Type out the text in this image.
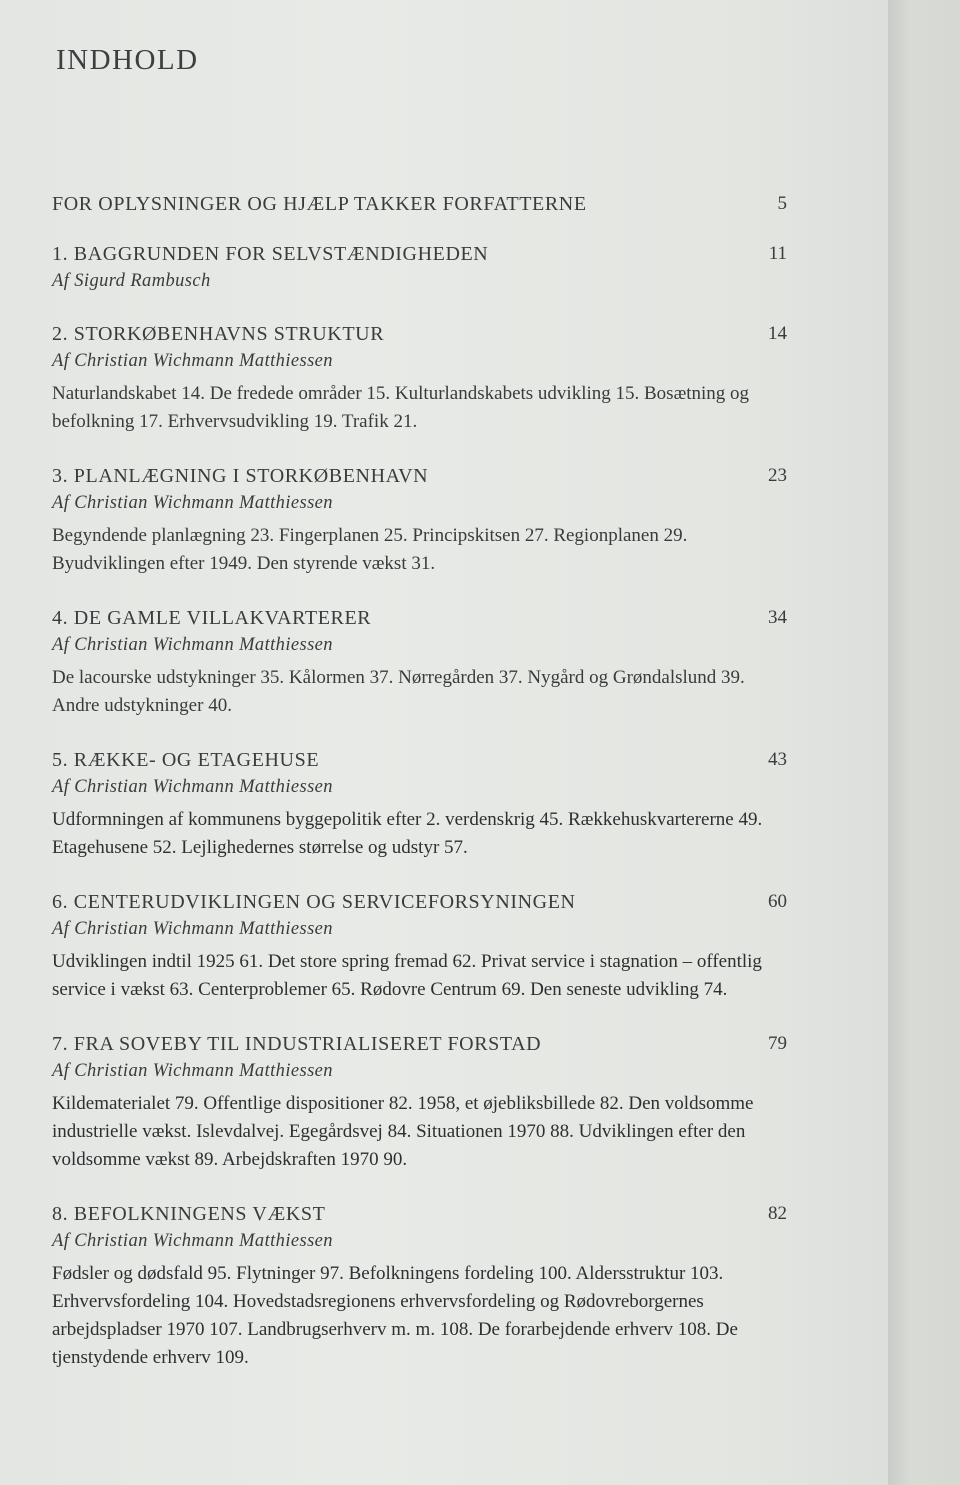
INDHOLD
FOR OPLYSNINGER OG HJÆLP TAKKER FORFATTERNE	5
1. BAGGRUNDEN FOR SELVSTÆNDIGHEDEN	11
Af Sigurd Rambusch
2. STORKØBENHAVNS STRUKTUR	14
Af Christian Wichmann Matthiessen
Naturlandskabet 14. De fredede områder 15. Kulturlandskabets udvikling 15. Bosætning og befolkning 17. Erhvervsudvikling 19. Trafik 21.
3. PLANLÆGNING I STORKØBENHAVN	23
Af Christian Wichmann Matthiessen
Begyndende planlægning 23. Fingerplanen 25. Principskitsen 27. Regionplanen 29. Byudviklingen efter 1949. Den styrende vækst 31.
4. DE GAMLE VILLAKVARTERER	34
Af Christian Wichmann Matthiessen
De lacourske udstykninger 35. Kålormen 37. Nørregården 37. Nygård og Grøndalslund 39. Andre udstykninger 40.
5. RÆKKE- OG ETAGEHUSE	43
Af Christian Wichmann Matthiessen
Udformningen af kommunens byggepolitik efter 2. verdenskrig 45. Rækkehuskvartererne 49. Etagehusene 52. Lejlighedernes størrelse og udstyr 57.
6. CENTERUDVIKLINGEN OG SERVICEFORSYNINGEN	60
Af Christian Wichmann Matthiessen
Udviklingen indtil 1925 61. Det store spring fremad 62. Privat service i stagnation – offentlig service i vækst 63. Centerproblemer 65. Rødovre Centrum 69. Den seneste udvikling 74.
7. FRA SOVEBY TIL INDUSTRIALISERET FORSTAD	79
Af Christian Wichmann Matthiessen
Kildematerialet 79. Offentlige dispositioner 82. 1958, et øjebliksbillede 82. Den voldsomme industrielle vækst. Islevdalvej. Egegårdsvej 84. Situationen 1970 88. Udviklingen efter den voldsomme vækst 89. Arbejdskraften 1970 90.
8. BEFOLKNINGENS VÆKST	82
Af Christian Wichmann Matthiessen
Fødsler og dødsfald 95. Flytninger 97. Befolkningens fordeling 100. Aldersstruktur 103. Erhvervsfordeling 104. Hovedstadsregionens erhvervsfordeling og Rødovreborgernes arbejdspladser 1970 107. Landbrugserhverv m. m. 108. De forarbejdende erhverv 108. De tjenstydende erhverv 109.
